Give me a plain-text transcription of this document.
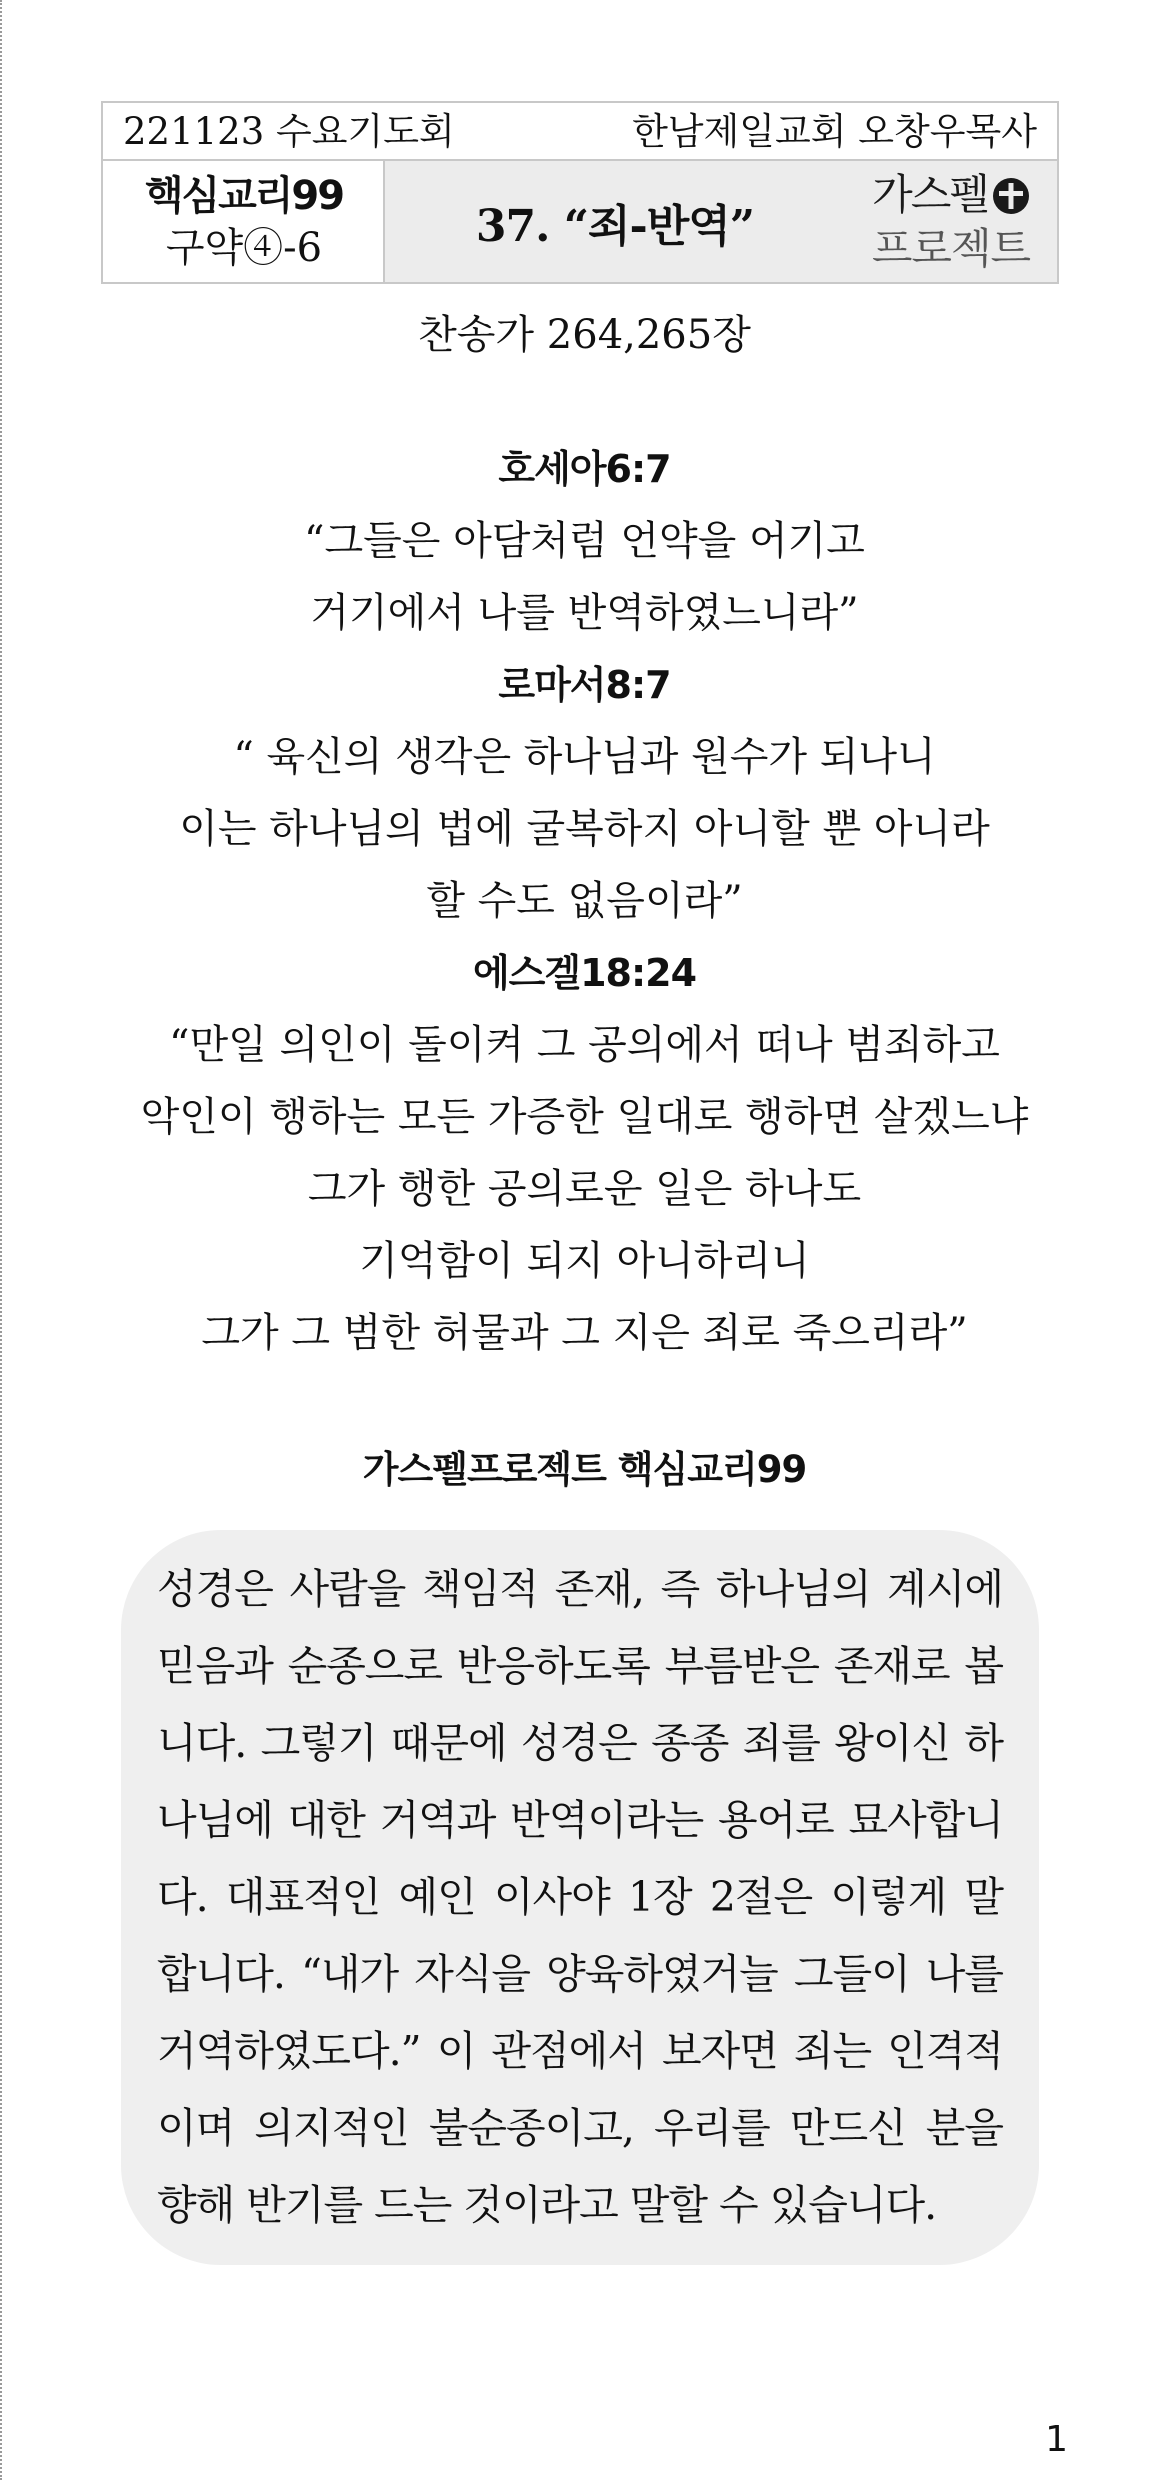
221123 수요기도회	한남제일교회 오창우목사
핵심교리99
구약④-6	37. “죄-반역”
가스펠
프로젝트
찬송가 264,265장
호세아6:7
“그들은 아담처럼 언약을 어기고
거기에서 나를 반역하였느니라”
로마서8:7
“ 육신의 생각은 하나님과 원수가 되나니
이는 하나님의 법에 굴복하지 아니할 뿐 아니라
할 수도 없음이라”
에스겔18:24
“만일 의인이 돌이켜 그 공의에서 떠나 범죄하고
악인이 행하는 모든 가증한 일대로 행하면 살겠느냐
그가 행한 공의로운 일은 하나도
기억함이 되지 아니하리니
그가 그 범한 허물과 그 지은 죄로 죽으리라”
가스펠프로젝트 핵심교리99
성경은 사람을 책임적 존재, 즉 하나님의 계시에
믿음과 순종으로 반응하도록 부름받은 존재로 봅
니다. 그렇기 때문에 성경은 종종 죄를 왕이신 하
나님에 대한 거역과 반역이라는 용어로 묘사합니
다. 대표적인 예인 이사야 1장 2절은 이렇게 말
합니다. “내가 자식을 양육하였거늘 그들이 나를
거역하였도다.” 이 관점에서 보자면 죄는 인격적
이며 의지적인 불순종이고, 우리를 만드신 분을
향해 반기를 드는 것이라고 말할 수 있습니다.
1
